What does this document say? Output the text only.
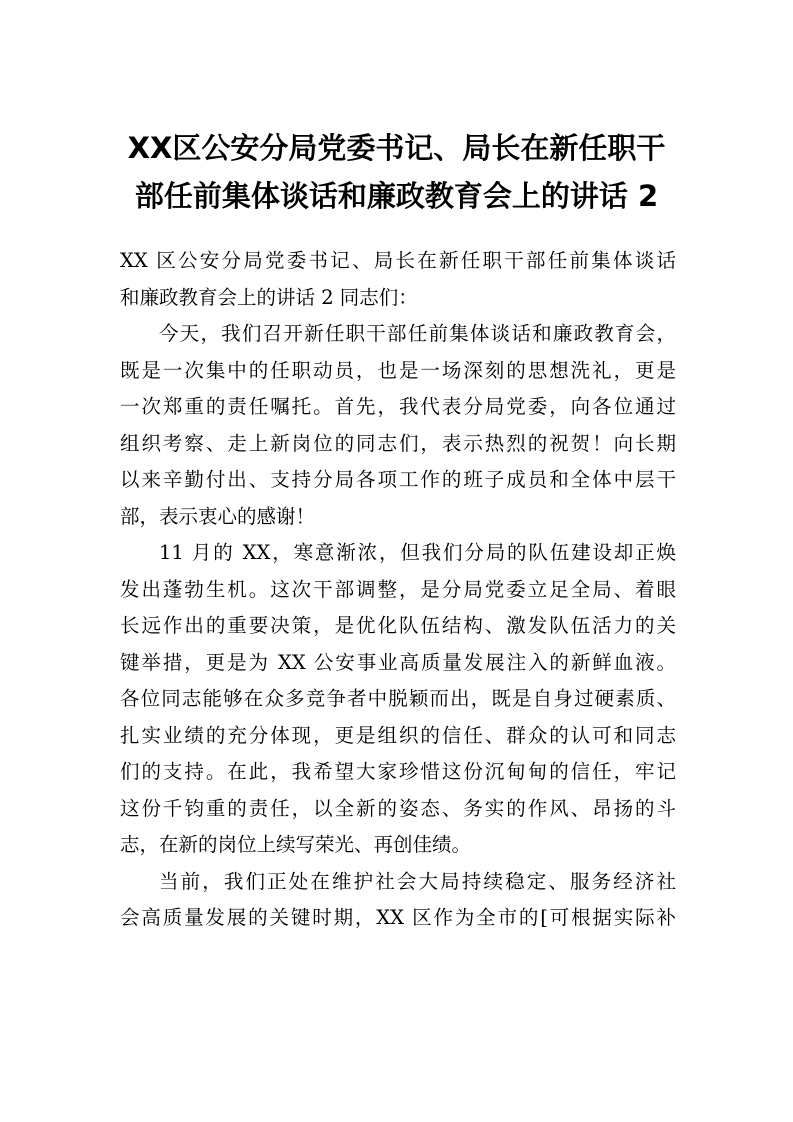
XX区公安分局党委书记、局长在新任职干
部任前集体谈话和廉政教育会上的讲话 2
XX 区公安分局党委书记、局长在新任职干部任前集体谈话
和廉政教育会上的讲话 2 同志们：
今天，我们召开新任职干部任前集体谈话和廉政教育会，
既是一次集中的任职动员，也是一场深刻的思想洗礼，更是
一次郑重的责任嘱托。首先，我代表分局党委，向各位通过
组织考察、走上新岗位的同志们，表示热烈的祝贺！向长期
以来辛勤付出、支持分局各项工作的班子成员和全体中层干
部，表示衷心的感谢！
11 月的 XX，寒意渐浓，但我们分局的队伍建设却正焕
发出蓬勃生机。这次干部调整，是分局党委立足全局、着眼
长远作出的重要决策，是优化队伍结构、激发队伍活力的关
键举措，更是为 XX 公安事业高质量发展注入的新鲜血液。
各位同志能够在众多竞争者中脱颖而出，既是自身过硬素质、
扎实业绩的充分体现，更是组织的信任、群众的认可和同志
们的支持。在此，我希望大家珍惜这份沉甸甸的信任，牢记
这份千钧重的责任，以全新的姿态、务实的作风、昂扬的斗
志，在新的岗位上续写荣光、再创佳绩。
当前，我们正处在维护社会大局持续稳定、服务经济社
会高质量发展的关键时期，XX 区作为全市的[可根据实际补
